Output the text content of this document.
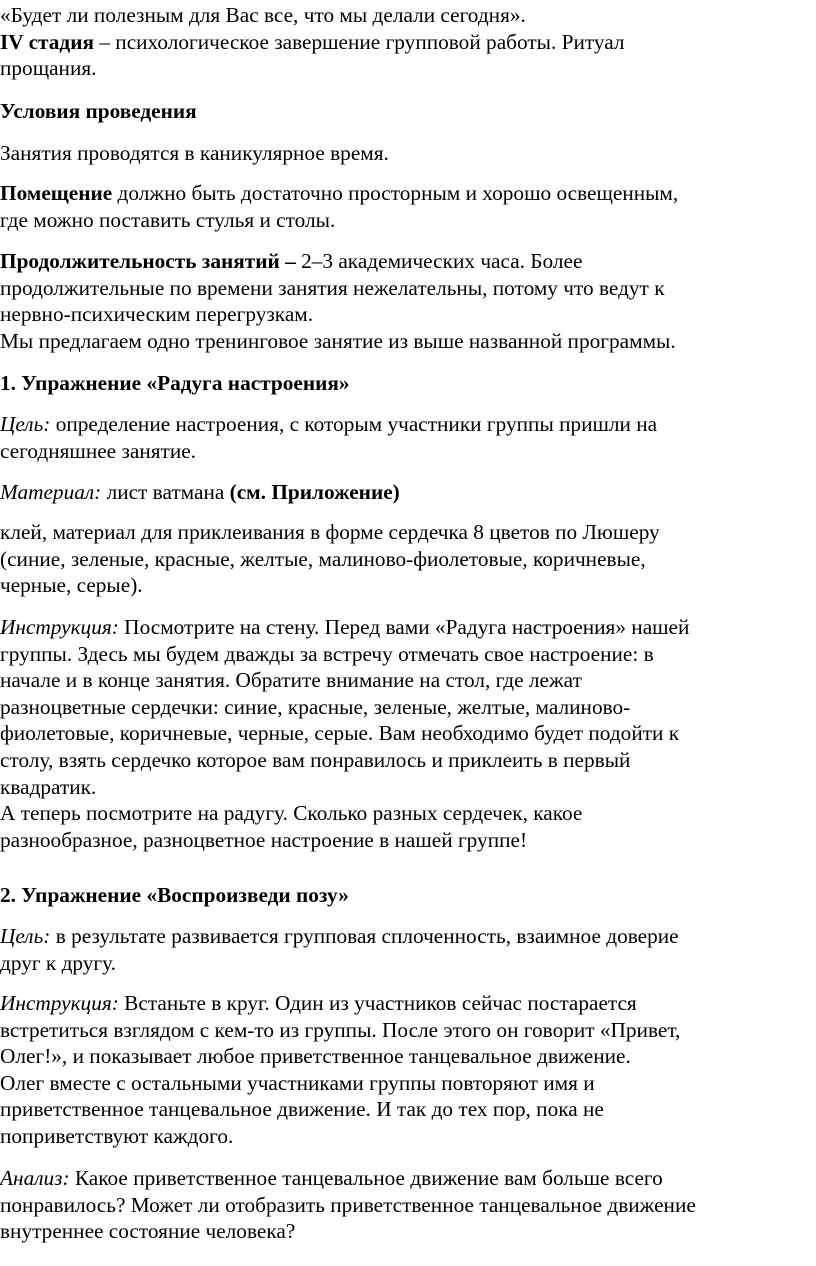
«Будет ли полезным для Вас все, что мы делали сегодня».
IV стадия – психологическое завершение групповой работы. Ритуал
прощания.
Условия проведения
Занятия проводятся в каникулярное время.
Помещение должно быть достаточно просторным и хорошо освещенным,
где можно поставить стулья и столы.
Продолжительность занятий – 2–3 академических часа. Более
продолжительные по времени занятия нежелательны, потому что ведут к
нервно-психическим перегрузкам.
Мы предлагаем одно тренинговое занятие из выше названной программы.
1. Упражнение «Радуга настроения»
Цель: определение настроения, с которым участники группы пришли на
сегодняшнее занятие.
Материал: лист ватмана (см. Приложение)
клей, материал для приклеивания в форме сердечка 8 цветов по Люшеру
(синие, зеленые, красные, желтые, малиново-фиолетовые, коричневые,
черные, серые).
Инструкция: Посмотрите на стену. Перед вами «Радуга настроения» нашей
группы. Здесь мы будем дважды за встречу отмечать свое настроение: в
начале и в конце занятия. Обратите внимание на стол, где лежат
разноцветные сердечки: синие, красные, зеленые, желтые, малиново-
фиолетовые, коричневые, черные, серые. Вам необходимо будет подойти к
столу, взять сердечко которое вам понравилось и приклеить в первый
квадратик.
А теперь посмотрите на радугу. Сколько разных сердечек, какое
разнообразное, разноцветное настроение в нашей группе!
2. Упражнение «Воспроизведи позу»
Цель: в результате развивается групповая сплоченность, взаимное доверие
друг к другу.
Инструкция: Встаньте в круг. Один из участников сейчас постарается
встретиться взглядом с кем-то из группы. После этого он говорит «Привет,
Олег!», и показывает любое приветственное танцевальное движение.
Олег вместе с остальными участниками группы повторяют имя и
приветственное танцевальное движение. И так до тех пор, пока не
поприветствуют каждого.
Анализ: Какое приветственное танцевальное движение вам больше всего
понравилось? Может ли отобразить приветственное танцевальное движение
внутреннее состояние человека?
